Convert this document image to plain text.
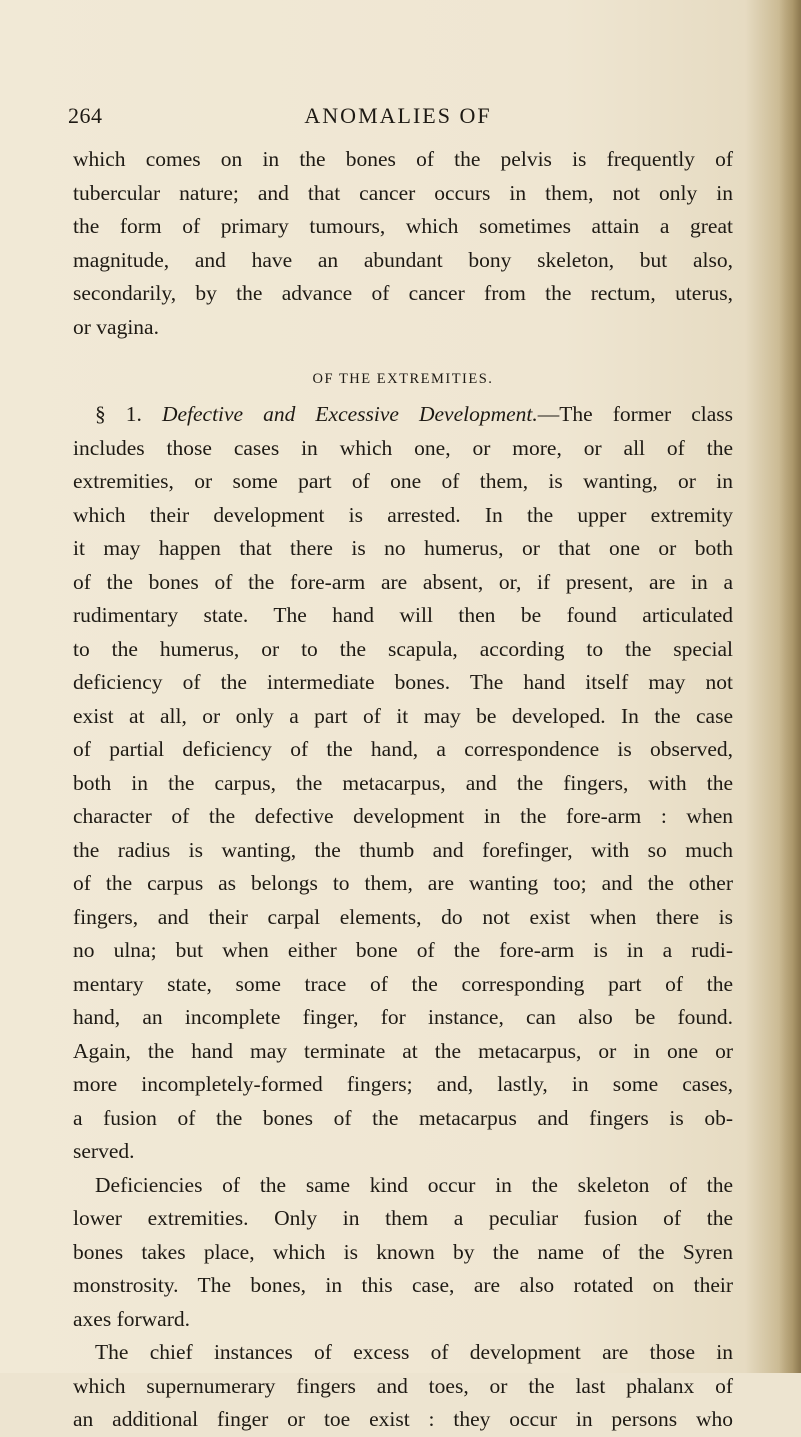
264	ANOMALIES OF
which comes on in the bones of the pelvis is frequently of
tubercular nature; and that cancer occurs in them, not only in
the form of primary tumours, which sometimes attain a great
magnitude, and have an abundant bony skeleton, but also,
secondarily, by the advance of cancer from the rectum, uterus,
or vagina.
OF THE EXTREMITIES.
§ 1. Defective and Excessive Development.—The former class
includes those cases in which one, or more, or all of the
extremities, or some part of one of them, is wanting, or in
which their development is arrested. In the upper extremity
it may happen that there is no humerus, or that one or both
of the bones of the fore-arm are absent, or, if present, are in a
rudimentary state. The hand will then be found articulated
to the humerus, or to the scapula, according to the special
deficiency of the intermediate bones. The hand itself may not
exist at all, or only a part of it may be developed. In the case
of partial deficiency of the hand, a correspondence is observed,
both in the carpus, the metacarpus, and the fingers, with the
character of the defective development in the fore-arm : when
the radius is wanting, the thumb and forefinger, with so much
of the carpus as belongs to them, are wanting too; and the other
fingers, and their carpal elements, do not exist when there is
no ulna; but when either bone of the fore-arm is in a rudi-
mentary state, some trace of the corresponding part of the
hand, an incomplete finger, for instance, can also be found.
Again, the hand may terminate at the metacarpus, or in one or
more incompletely-formed fingers; and, lastly, in some cases,
a fusion of the bones of the metacarpus and fingers is ob-
served.
Deficiencies of the same kind occur in the skeleton of the
lower extremities. Only in them a peculiar fusion of the
bones takes place, which is known by the name of the Syren
monstrosity. The bones, in this case, are also rotated on their
axes forward.
The chief instances of excess of development are those in
which supernumerary fingers and toes, or the last phalanx of
an additional finger or toe exist : they occur in persons who
